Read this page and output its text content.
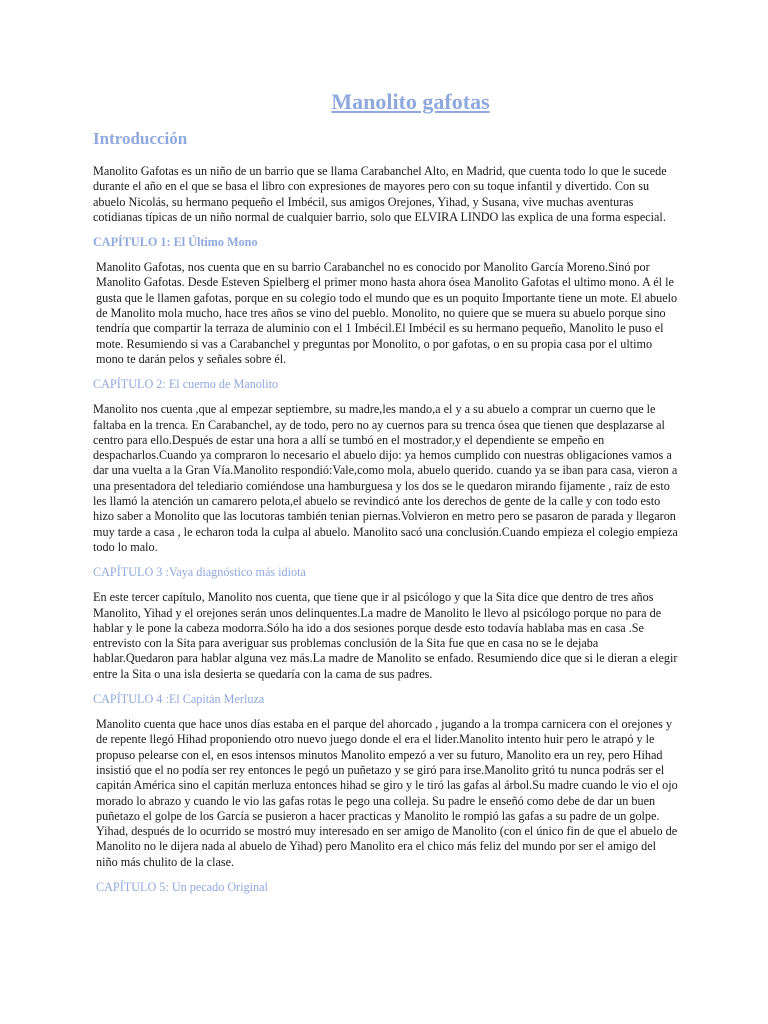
Manolito gafotas
Introducción

Manolito Gafotas es un niño de un barrio que se llama Carabanchel Alto, en Madrid, que cuenta todo lo que le sucede durante el año en el que se basa el libro con expresiones de mayores pero con su toque infantil y divertido. Con su abuelo Nicolás, su hermano pequeño el Imbécil, sus amigos Orejones, Yihad, y Susana, vive muchas aventuras cotidianas típicas de un niño normal de cualquier barrio, solo que ELVIRA LINDO las explica de una forma especial.

CAPÍTULO 1: El Último Mono

Manolito Gafotas, nos cuenta que en su barrio Carabanchel no es conocido por Manolito García Moreno.Sinó por Manolito Gafotas. Desde Esteven Spielberg el primer mono hasta ahora ósea Manolito Gafotas el ultimo mono. A él le gusta que le llamen gafotas, porque en su colegio todo el mundo que es un poquito Importante tiene un mote. El abuelo de Manolito mola mucho, hace tres años se vino del pueblo. Monolito, no quiere que se muera su abuelo porque sino tendría que compartir la terraza de aluminio con el 1 Imbécil.El Imbécil es su hermano pequeño, Manolito le puso el mote. Resumiendo si vas a Carabanchel y preguntas por Monolito, o por gafotas, o en su propia casa por el ultimo mono te darán pelos y señales sobre él.

CAPÍTULO 2: El cuerno de Manolito

Manolito nos cuenta ,que al empezar septiembre, su madre,les mando,a el y a su abuelo a comprar un cuerno que le faltaba en la trenca. En Carabanchel, ay de todo, pero no ay cuernos para su trenca ósea que tienen que desplazarse al centro para ello.Después de estar una hora a allí se tumbó en el mostrador,y el dependiente se empeño en despacharlos.Cuando ya compraron lo necesario el abuelo dijo: ya hemos cumplido con nuestras obligaciones vamos a dar una vuelta a la Gran Vía.Manolito respondió:Vale,como mola, abuelo querido. cuando ya se iban para casa, vieron a una presentadora del telediario comiéndose una hamburguesa y los dos se le quedaron mirando fijamente , raíz de esto les llamó la atención un camarero pelota,el abuelo se revindicó ante los derechos de gente de la calle y con todo esto hizo saber a Monolito que las locutoras también tenian piernas.Volvieron en metro pero se pasaron de parada y llegaron muy tarde a casa , le echaron toda la culpa al abuelo. Manolito sacó una conclusión.Cuando empieza el colegio empieza todo lo malo.

CAPÍTULO 3 :Vaya diagnóstico más idiota

En este tercer capítulo, Manolito nos cuenta, que tiene que ir al psicólogo y que la Sita dice que dentro de tres años Manolito, Yihad y el orejones serán unos delinquentes.La madre de Manolito le llevo al psicólogo porque no para de hablar y le pone la cabeza modorra.Sólo ha ido a dos sesiones porque desde esto todavía hablaba mas en casa .Se entrevisto con la Sita para averiguar sus problemas conclusión de la Sita fue que en casa no se le dejaba hablar.Quedaron para hablar alguna vez más.La madre de Manolito se enfado. Resumiendo dice que si le dieran a elegir entre la Sita o una isla desierta se quedaría con la cama de sus padres.

CAPÍTULO 4 :El Capitán Merluza

Manolito cuenta que hace unos días estaba en el parque del ahorcado , jugando a la trompa carnicera con el orejones y de repente llegó Hihad proponiendo otro nuevo juego donde el era el lider.Manolito intento huir pero le atrapó y le propuso pelearse con el, en esos intensos minutos Manolito empezó a ver su futuro, Manolito era un rey, pero Hihad insistió que el no podía ser rey entonces le pegó un puñetazo y se giró para irse.Manolito gritó tu nunca podrás ser el capitán América sino el capitán merluza entonces hihad se giro y le tiró las gafas al árbol.Su madre cuando le vio el ojo morado lo abrazo y cuando le vio las gafas rotas le pego una colleja. Su padre le enseñó como debe de dar un buen puñetazo el golpe de los García se pusieron a hacer practicas y Manolito le rompió las gafas a su padre de un golpe. Yihad, después de lo ocurrido se mostró muy interesado en ser amigo de Manolito (con el único fin de que el abuelo de Manolito no le dijera nada al abuelo de Yihad) pero Manolito era el chico más feliz del mundo por ser el amigo del niño más chulito de la clase.

CAPÍTULO 5: Un pecado Original
